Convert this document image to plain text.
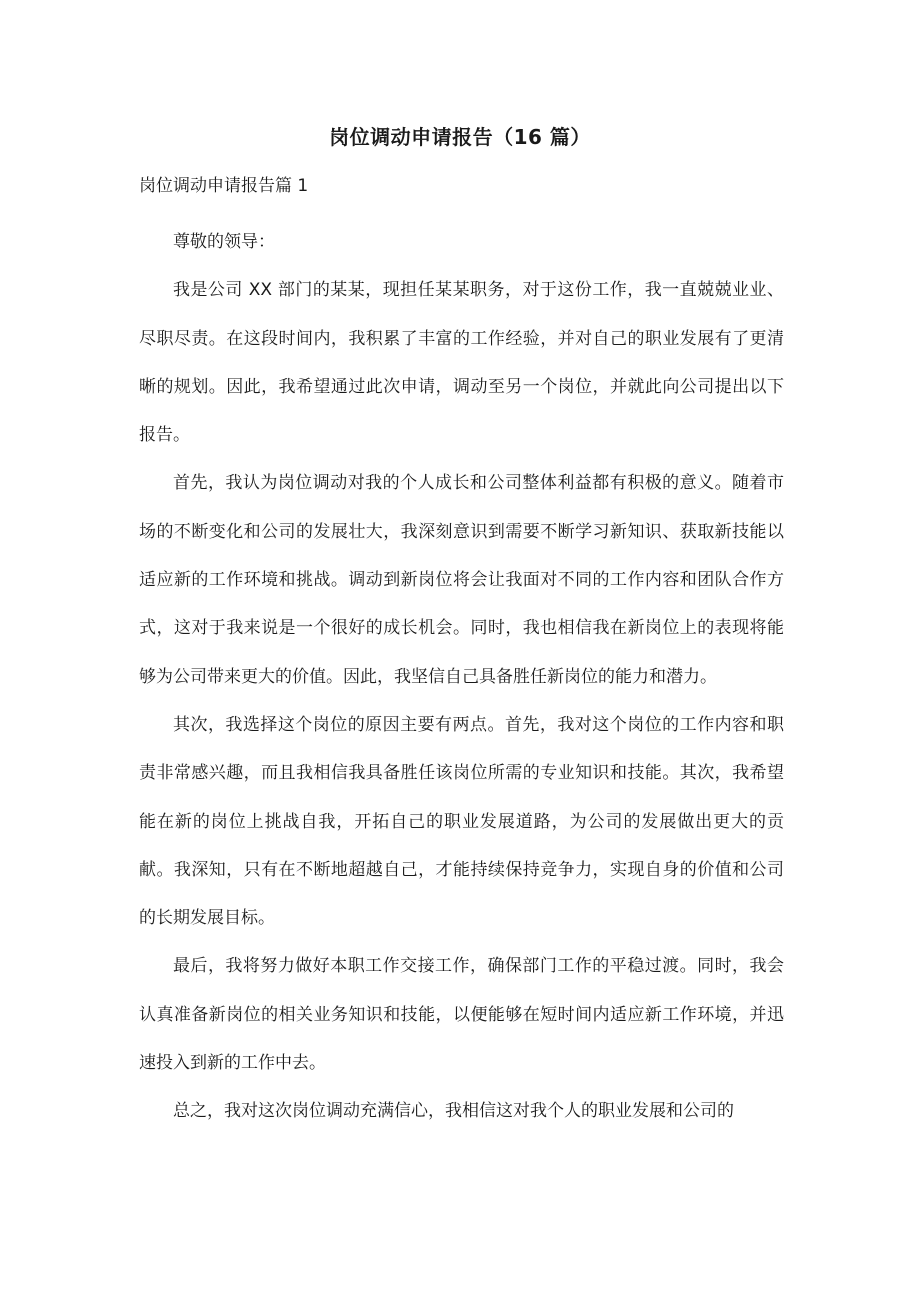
岗位调动申请报告（16 篇）
岗位调动申请报告篇 1

尊敬的领导：

我是公司 XX 部门的某某，现担任某某职务，对于这份工作，我一直兢兢业业、尽职尽责。在这段时间内，我积累了丰富的工作经验，并对自己的职业发展有了更清晰的规划。因此，我希望通过此次申请，调动至另一个岗位，并就此向公司提出以下报告。

首先，我认为岗位调动对我的个人成长和公司整体利益都有积极的意义。随着市场的不断变化和公司的发展壮大，我深刻意识到需要不断学习新知识、获取新技能以适应新的工作环境和挑战。调动到新岗位将会让我面对不同的工作内容和团队合作方式，这对于我来说是一个很好的成长机会。同时，我也相信我在新岗位上的表现将能够为公司带来更大的价值。因此，我坚信自己具备胜任新岗位的能力和潜力。

其次，我选择这个岗位的原因主要有两点。首先，我对这个岗位的工作内容和职责非常感兴趣，而且我相信我具备胜任该岗位所需的专业知识和技能。其次，我希望能在新的岗位上挑战自我，开拓自己的职业发展道路，为公司的发展做出更大的贡献。我深知，只有在不断地超越自己，才能持续保持竞争力，实现自身的价值和公司的长期发展目标。

最后，我将努力做好本职工作交接工作，确保部门工作的平稳过渡。同时，我会认真准备新岗位的相关业务知识和技能，以便能够在短时间内适应新工作环境，并迅速投入到新的工作中去。

总之，我对这次岗位调动充满信心，我相信这对我个人的职业发展和公司的
